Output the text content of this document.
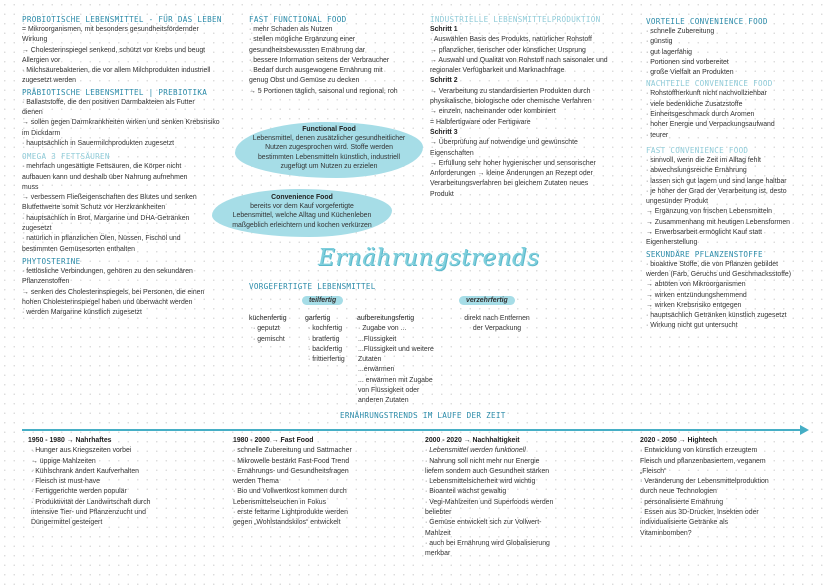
PROBIOTISCHE LEBENSMITTEL - FÜR DAS LEBEN
= Mikroorganismen, mit besonders gesundheitsfördernder
Wirkung
→ Cholesterinspiegel senkend, schützt vor Krebs und beugt
Allergien vor
· Milchsäurebakterien, die vor allem Milchprodukten industriell
zugesetzt werden
PRÄBIOTISCHE LEBENSMITTEL | PREBIOTIKA
· Ballaststoffe, die den positiven Darmbakteien als Futter
dienen
→ sollen gegen Darmkrankheiten wirken und senken Krebsrisiko
im Dickdarm
· hauptsächlich in Sauermilchprodukten zugesetzt
OMEGA 3 FETTSÄUREN
· mehrfach ungesättigte Fettsäuren, die Körper nicht
aufbauen kann und deshalb über Nahrung aufnehmen
muss
→ verbessern Fließeigenschaften des Blutes und senken
Blutfettwerte somit Schutz vor Herzkrankheiten
· hauptsächlich in Brot, Margarine und DHA-Getränken
zugesetzt
· natürlich in pflanzlichen Ölen, Nüssen, Fischöl und
bestimmten Gemüsesorten enthalten
PHYTOSTERINE
· fettlösliche Verbindungen, gehören zu den sekundären
Pflanzenstoffen
→ senken des Cholesterinspiegels, bei Personen, die einen
hohen Cholesterinspiegel haben und überwacht werden
· werden Margarine künstlich zugesetzt
FAST FUNCTIONAL FOOD
· mehr Schaden als Nutzen
· stellen mögliche Ergänzung einer
gesundheitsbewussten Ernährung dar
· bessere Information seitens der Verbraucher
· Bedarf durch ausgewogene Ernährung mit
genug Obst und Gemüse zu decken
→ 5 Portionen täglich, saisonal und regional, roh
Functional Food
Lebensmittel, denen zusätzlicher gesundheitlicher
Nutzen zugesprochen wird. Stoffe werden
bestimmten Lebensmitteln künstlich, industriell
zugefügt um Nutzen zu erzielen
Convenience Food
bereits vor dem Kauf vorgefertigte
Lebensmittel, welche Alltag und Küchenleben
maßgeblich erleichtern und kochen verkürzen
INDUSTRIELLE LEBENSMITTELPRODUKTION
Schritt 1
· Auswählen Basis des Produkts, natürlicher Rohstoff
→ pflanzlicher, tierischer oder künstlicher Ursprung
→ Auswahl und Qualität von Rohstoff nach saisonaler und
regionaler Verfügbarkeit und Marknachfrage
Schritt 2
→ Verarbeitung zu standardisierten Produkten durch
physikalische, biologische oder chemische Verfahren
→ einzeln, nacheinander oder kombiniert
= Halbfertigware oder Fertigware
Schritt 3
→ Überprüfung auf notwendige und gewünschte
Eigenschaften
→ Erfüllung sehr hoher hygienischer und sensorischer
Anforderungen → kleine Änderungen an Rezept oder
Verarbeitungsverfahren bei gleichem Zutaten neues
Produkt
VORTEILE CONVENIENCE FOOD
· schnelle Zubereitung
· günstig
· gut lagerfähig
· Portionen sind vorbereitet
· große Vielfalt an Produkten
NACHTEILE CONVENIENCE FOOD
· Rohstoffherkunft nicht nachvollziehbar
· viele bedenkliche Zusatzstoffe
· Einheitsgeschmack durch Aromen
· hoher Energie und Verpackungsaufwand
· teurer
FAST CONVENIENCE FOOD
· sinnvoll, wenn die Zeit im Alltag fehlt
· abwechslungsreiche Ernährung
· lassen sich gut lagern und sind lange haltbar
· je höher der Grad der Verarbeitung ist, desto
ungesünder Produkt
→ Ergänzung von frischen Lebensmitteln
→ Zusammenhang mit heutigen Lebensformen
→ Erwerbsarbeit ermöglicht Kauf statt
Eigenherstellung
SEKUNDÄRE PFLANZENSTOFFE
· bioaktive Stoffe, die von Pflanzen gebildet
werden (Farb, Geruchs und Geschmacksstoffe)
→ abtöten von Mikroorganismen
→ wirken entzündungshemmend
→ wirken Krebsrisiko entgegen
· hauptsächlich Getränken künstlich zugesetzt
· Wirkung nicht gut untersucht
Ernährungstrends
VORGEFERTIGTE LEBENSMITTEL
teilfertig	verzehrfertig
küchenfertig
· geputzt
· gemischt
garfertig
· kochfertig
· bratfertig
· backfertig
· frittierfertig
aufbereitungsfertig
· Zugabe von ...
...Flüssigkeit
...Flüssigkeit und weitere
Zutaten
...erwärmen
... erwärmen mit Zugabe
von Flüssigkeit oder
anderen Zutaten
direkt nach Entfernen
der Verpackung
ERNÄHRUNGSTRENDS IM LAUFE DER ZEIT
1950 - 1980 → Nahrhaftes
· Hunger aus Kriegszeiten vorbei
→ üppige Mahlzeiten
· Kühlschrank ändert Kaufverhalten
· Fleisch ist must-have
· Fertiggerichte werden populär
· Produktivität der Landwirtschaft durch
intensive Tier- und Pflanzenzucht und
Düngermittel gesteigert
1980 - 2000 → Fast Food
· schnelle Zubereitung und Sattmacher
· Mikrowelle bestärkt Fast-Food Trend
· Ernährungs- und Gesundheitsfragen
werden Thema
· Bio und Vollwertkost kommen durch
Lebensmittelseuchen in Fokus
· erste fettarme Lightprodukte werden
gegen „Wohlstandskilos“ entwickelt
2000 - 2020 → Nachhaltigkeit
· Lebensmittel werden funktionell
· Nahrung soll nicht mehr nur Energie
liefern sondern auch Gesundheit stärken
· Lebensmittelsicherheit wird wichtig
· Bioanteil wächst gewaltig
· Vegi-Mahlzeiten und Superfoods werden
beliebter
· Gemüse entwickelt sich zur Vollwert-
Mahlzeit
· auch bei Ernährung wird Globalisierung
merkbar
2020 - 2050 → Hightech
· Entwicklung von künstlich erzeugtem
Fleisch und pflanzenbasiertem, veganem
„Fleisch“
· Veränderung der Lebensmittelproduktion
durch neue Technologien
· personalisierte Ernährung
· Essen aus 3D-Drucker, Insekten oder
individualisierte Getränke als
Vitaminbomben?
